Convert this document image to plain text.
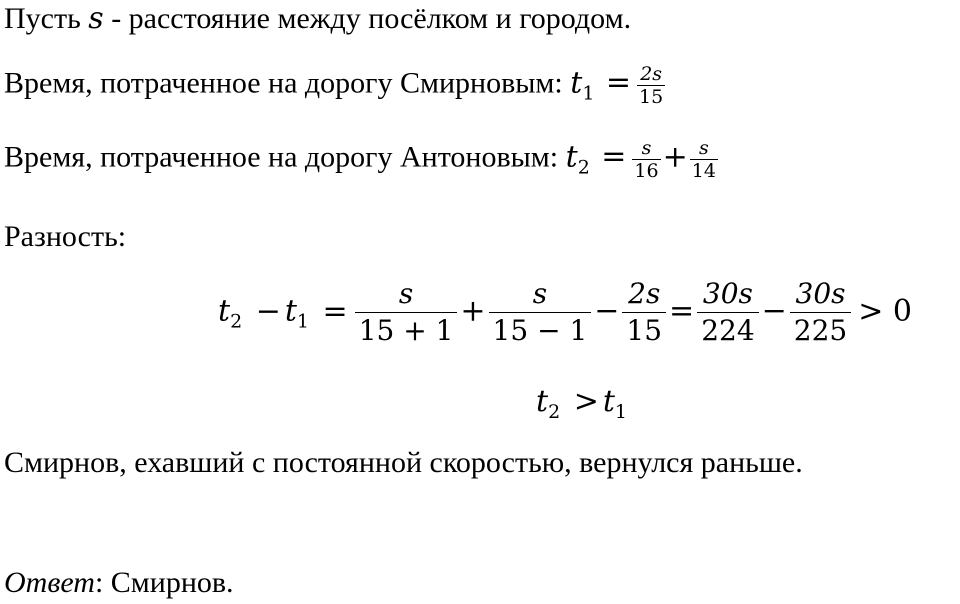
Пусть s - расстояние между посёлком и городом.
Время, потраченное на дорогу Смирновым: $t_1 = \frac{2s}{15}$
Время, потраченное на дорогу Антоновым: $t_2 = \frac{s}{16} + \frac{s}{14}$
Разность:
$t_2 - t_1 = \frac{s}{15 + 1} + \frac{s}{15 - 1} - \frac{2s}{15} = \frac{30s}{224} - \frac{30s}{225} > 0$
$t_2 > t_1$
Смирнов, ехавший с постоянной скоростью, вернулся раньше.
Ответ: Смирнов.
